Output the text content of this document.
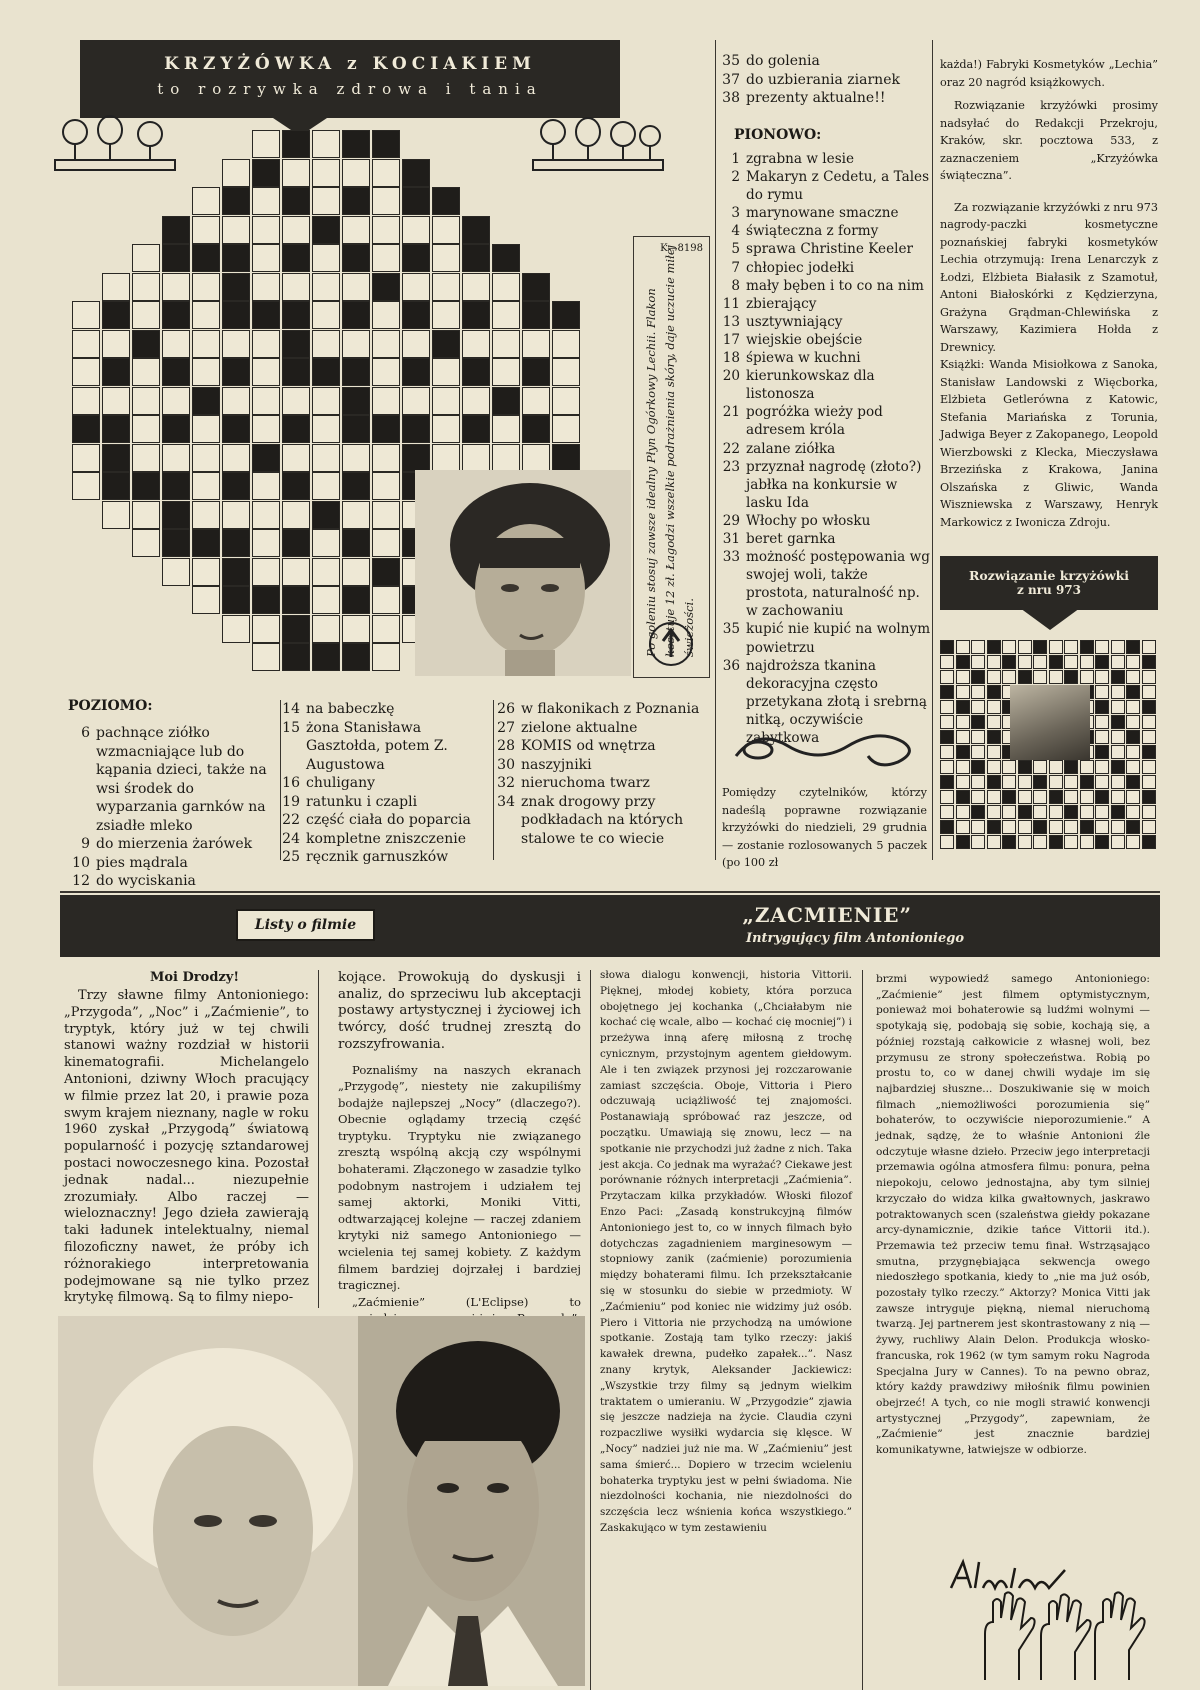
KRZYŻÓWKA z KOCIAKIEM
to rozrywka zdrowa i tania
K—8198
Po goleniu stosuj zawsze idealny Płyn Ogórkowy Lechii. Flakon kosztuje 12 zł. Łagodzi wszelkie podrażnienia skóry, daje uczucie miłej świeżości.
POZIOMO:
6 pachnące ziółko wzmacniające lub do kąpania dzieci, także na wsi środek do wyparzania garnków na zsiadłe mleko
9 do mierzenia żarówek
10 pies mądrala
12 do wyciskania
14 na babeczkę
15 żona Stanisława Gasztołda, potem Z. Augustowa
16 chuligany
19 ratunku i czapli
22 część ciała do poparcia
24 kompletne zniszczenie
25 ręcznik garnuszków
26 w flakonikach z Poznania
27 zielone aktualne
28 KOMIS od wnętrza
30 naszyjniki
32 nieruchoma twarz
34 znak drogowy przy podkładach na których stalowe te co wiecie
35 do golenia
37 do uzbierania ziarnek
38 prezenty aktualne!!
PIONOWO:
1 zgrabna w lesie
2 Makaryn z Cedetu, a Tales do rymu
3 marynowane smaczne
4 świąteczna z formy
5 sprawa Christine Keeler
7 chłopiec jodełki
8 mały bęben i to co na nim
11 zbierający
13 usztywniający
17 wiejskie obejście
18 śpiewa w kuchni
20 kierunkowskaz dla listonosza
21 pogróżka wieży pod adresem króla
22 zalane ziółka
23 przyznał nagrodę (złoto?) jabłka na konkursie w lasku Ida
29 Włochy po włosku
31 beret garnka
33 możność postępowania wg swojej woli, także prostota, naturalność np. w zachowaniu
35 kupić nie kupić na wolnym powietrzu
36 najdroższa tkanina dekoracyjna często przetykana złotą i srebrną nitką, oczywiście zabytkowa
Pomiędzy czytelników, którzy nadeślą poprawne rozwiązanie krzyżówki do niedzieli, 29 grudnia — zostanie rozlosowanych 5 paczek (po 100 zł

każda!) Fabryki Kosmetyków „Lechia” oraz 20 nagród książkowych.

Rozwiązanie krzyżówki prosimy nadsyłać do Redakcji Przekroju, Kraków, skr. pocztowa 533, z zaznaczeniem „Krzyżówka świąteczna”.

Za rozwiązanie krzyżówki z nru 973 nagrody-paczki kosmetyczne poznańskiej fabryki kosmetyków Lechia otrzymują: Irena Lenarczyk z Łodzi, Elżbieta Białasik z Szamotuł, Antoni Białoskórki z Kędzierzyna, Grażyna Grądman-Chlewińska z Warszawy, Kazimiera Hołda z Drewnicy.

Książki: Wanda Misiołkowa z Sanoka, Stanisław Landowski z Więcborka, Elżbieta Getlerówna z Katowic, Stefania Mariańska z Torunia, Jadwiga Beyer z Zakopanego, Leopold Wierzbowski z Klecka, Mieczysława Brzezińska z Krakowa, Janina Olszańska z Gliwic, Wanda Wiszniewska z Warszawy, Henryk Markowicz z Iwonicza Zdroju.

Rozwiązanie krzyżówki
z nru 973
Listy o filmie	„ZACMIENIE”
Intrygujący film Antonioniego
Moi Drodzy!
Trzy sławne filmy Antonioniego: „Przygoda”, „Noc” i „Zaćmienie”, to tryptyk, który już w tej chwili stanowi ważny rozdział w historii kinematografii. Michelangelo Antonioni, dziwny Włoch pracujący w filmie przez lat 20, i prawie poza swym krajem nieznany, nagle w roku 1960 zyskał „Przygodą” światową popularność i pozycję sztandarowej postaci nowoczesnego kina. Pozostał jednak nadal... niezupełnie zrozumiały. Albo raczej — wieloznaczny! Jego dzieła zawierają taki ładunek intelektualny, niemal filozoficzny nawet, że próby ich różnorakiego interpretowania podejmowane są nie tylko przez krytykę filmową. Są to filmy niepo-

kojące. Prowokują do dyskusji i analiz, do sprzeciwu lub akceptacji postawy artystycznej i życiowej ich twórcy, dość trudnej zresztą do rozszyfrowania.

Poznaliśmy na naszych ekranach „Przygodę”, niestety nie zakupiliśmy bodajże najlepszej „Nocy” (dlaczego?). Obecnie oglądamy trzecią część tryptyku. Tryptyku nie związanego zresztą wspólną akcją czy wspólnymi bohaterami. Złączonego w zasadzie tylko podobnym nastrojem i udziałem tej samej aktorki, Moniki Vitti, odtwarzającej kolejne — raczej zdaniem krytyki niż samego Antonioniego — wcielenia tej samej kobiety. Z każdym filmem bardziej dojrzałej i bardziej tragicznej.

„Zaćmienie” (L'Eclipse) to

słowa dialogu konwencji, historia Vittorii. Pięknej, młodej kobiety, która porzuca obojętnego jej kochanka („Chciałabym nie kochać cię wcale, albo — kochać cię mocniej”) i przeżywa inną aferę miłosną z trochę cynicznym, przystojnym agentem giełdowym. Ale i ten związek przynosi jej rozczarowanie zamiast szczęścia. Oboje, Vittoria i Piero odczuwają uciążliwość tej znajomości. Postanawiają spróbować raz jeszcze, od początku. Umawiają się znowu, lecz — na spotkanie nie przychodzi już żadne z nich. Taka jest akcja. Co jednak ma wyrażać? Ciekawe jest porównanie różnych interpretacji „Zaćmienia”. Przytaczam kilka przykładów. Włoski filozof Enzo Paci: „Zasadą konstrukcyjną filmów Antonioniego jest to, co w innych filmach było dotychczas zagadnieniem marginesowym — stopniowy zanik (zaćmienie) porozumienia między bohaterami filmu. Ich przekształcanie się w stosunku do siebie w przedmioty. W „Zaćmieniu” pod koniec nie widzimy już osób. Piero i Vittoria nie przychodzą na umówione spotkanie. Zostają tam tylko rzeczy: jakiś kawałek drewna, pudełko zapałek...”. Nasz znany krytyk, Aleksander Jackiewicz: „Wszystkie trzy filmy są jednym wielkim traktatem o umieraniu. W „Przygodzie” zjawia się jeszcze nadzieja na życie. Claudia czyni rozpaczliwe wysiłki wydarcia się klęsce. W „Nocy” nadziei już nie ma. W „Zaćmieniu” jest sama śmierć... Dopiero w trzecim wcieleniu bohaterka tryptyku jest w pełni świadoma. Nie niezdolności kochania, nie niezdolności do szczęścia lecz wśnienia końca wszystkiego.” Zaskakująco w tym zestawieniu
brzmi wypowiedź samego Antonioniego: „Zaćmienie” jest filmem optymistycznym, ponieważ moi bohaterowie są ludźmi wolnymi — spotykają się, podobają się sobie, kochają się, a później rozstają całkowicie z własnej woli, bez przymusu ze strony społeczeństwa. Robią po prostu to, co w danej chwili wydaje im się najbardziej słuszne... Doszukiwanie się w moich filmach „niemożliwości porozumienia się” bohaterów, to oczywiście nieporozumienie.” A jednak, sądzę, że to właśnie Antonioni źle odczytuje własne dzieło. Przeciw jego interpretacji przemawia ogólna atmosfera filmu: ponura, pełna niepokoju, celowo jednostajna, aby tym silniej krzyczało do widza kilka gwałtownych, jaskrawo potraktowanych scen (szaleństwa giełdy pokazane arcy-dynamicznie, dzikie tańce Vittorii itd.). Przemawia też przeciw temu finał. Wstrząsająco smutna, przygnębiająca sekwencja owego niedoszłego spotkania, kiedy to „nie ma już osób, pozostały tylko rzeczy.” Aktorzy? Monica Vitti jak zawsze intryguje piękną, niemal nieruchomą twarzą. Jej partnerem jest skontrastowany z nią — żywy, ruchliwy Alain Delon. Produkcja włosko-francuska, rok 1962 (w tym samym roku Nagroda Specjalna Jury w Cannes). To na pewno obraz, który każdy prawdziwy miłośnik filmu powinien obejrzeć! A tych, co nie mogli strawić konwencji artystycznej „Przygody”, zapewniam, że „Zaćmienie” jest znacznie bardziej komunikatywne, łatwiejsze w odbiorze.
